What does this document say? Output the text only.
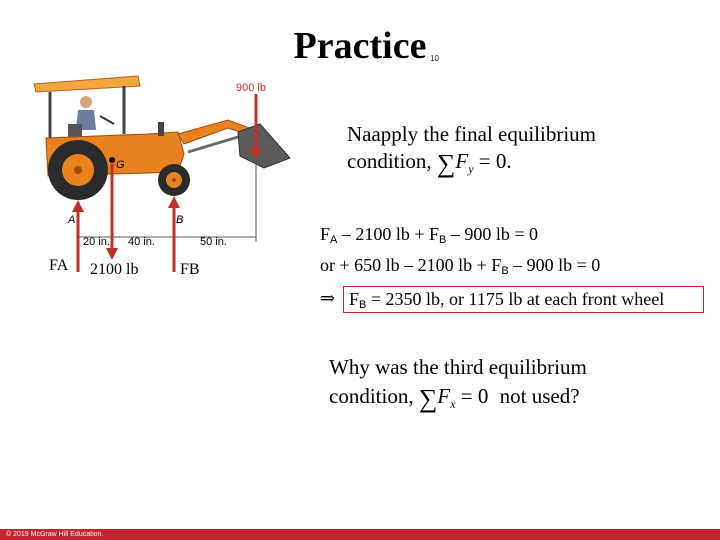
Practice 10
900 lb
G
A	B
20 in. 40 in.	50 in.
FA 2100 lb	FB
Naapply the final equilibrium
condition, $\sum F_y = 0$.
$F_A - 2100$ lb + $F_B - 900$ lb = 0
or + 650 lb – 2100 lb + $F_B - 900$ lb = 0
⇒ $F_B = 2350$ lb, or 1175 lb at each front wheel
Why was the third equilibrium
condition, $\sum F_x = 0$ not used?
© 2019 McGraw Hill Education.
